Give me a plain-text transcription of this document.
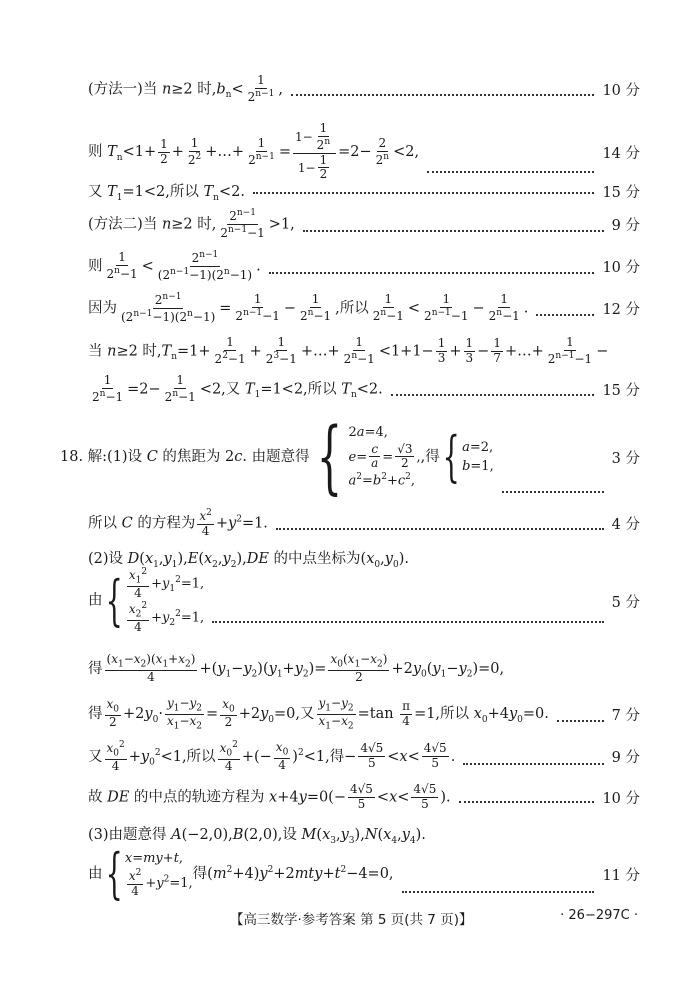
(方法一)当 n≥2 时$,b_n< \frac{1}{2^{n-1}}$ ,	10 分
则 $T_n<1+ \frac{1}{2} + \frac{1}{2^2}$ +…+ $\frac{1}{2^{n-1}} = \frac{1- \frac{1}{2^n}}{1- \frac{1}{2}} =2- \frac{2}{2^n} <2$,	14 分
又 $T_1=1<2$,所以 $T_n<2$.	15 分
(方法二)当 n≥2 时, $\frac{2^{n-1}}{2^{n-1}-1} >1$,	9 分
则 $\frac{1}{2^n-1} < \frac{2^{n-1}}{(2^{n-1}-1)(2^n-1)}$ .	10 分
因为 $\frac{2^{n-1}}{(2^{n-1}-1)(2^n-1)} = \frac{1}{2^{n-1}-1} - \frac{1}{2^n-1}$ ,所以 $\frac{1}{2^n-1} < \frac{1}{2^{n-1}-1} - \frac{1}{2^n-1}$ .	12 分
当 n≥2 时$,T_n=1+ \frac{1}{2^2-1} + \frac{1}{2^3-1}$ +…+ $\frac{1}{2^n-1} <1+1- \frac{1}{3} + \frac{1}{3} - \frac{1}{7}$ +…+ $\frac{1}{2^{n-1}-1}$ −
$\frac{1}{2^n-1} =2- \frac{1}{2^n-1} <2$,又 $T_1=1<2$,所以 $T_n<2$.	15 分
18. 解:(1)设 C 的焦距为 2c. 由题意得 { 2a=4,
$e= \frac{c}{a} = \frac{√3}{2}$ ,
$a^2=b^2+c^2$,
,得 { a=2,
b=1,	3 分
所以 C 的方程为 $\frac{x^2}{4} +y^2=1$.	4 分
(2)设 $D(x_1,y_1),E(x_2,y_2),DE$ 的中点坐标为$(x_0,y_0)$.
由 { $\frac{x_1^2}{4} +y_1^2=1$,
$\frac{x_2^2}{4} +y_2^2=1$,
5 分
得 $\frac{(x_1-x_2)(x_1+x_2)}{4} +(y_1-y_2)(y_1+y_2)= \frac{x_0(x_1-x_2)}{2} +2y_0(y_1-y_2)=0$,
得 $\frac{x_0}{2} +2y_0\cdot \frac{y_1-y_2}{x_1-x_2} = \frac{x_0}{2} +2y_0=0$,又 $\frac{y_1-y_2}{x_1-x_2} =\tan \frac{\pi}{4} =1$,所以 $x_0+4y_0=0$.	7 分
又 $\frac{x_0^2}{4} +y_0^2<1$,所以 $\frac{x_0^2}{4}$ +(− $\frac{x_0}{4} )^2<1$,得− $\frac{4√5}{5} <x< \frac{4√5}{5}$ .	9 分
故 DE 的中点的轨迹方程为 $x+4y=0(- \frac{4√5}{5} <x< \frac{4√5}{5}$ ).	10 分
(3)由题意得 A(−2,0),B(2,0),设 $M(x_3,y_3),N(x_4,y_4)$.
由 { x=my+t,
$\frac{x^2}{4} +y^2=1$,
得$(m^2+4)y^2+2mty+t^2-4=0$,	11 分
【高三数学·参考答案 第 5 页(共 7 页)】	· 26−297C ·
